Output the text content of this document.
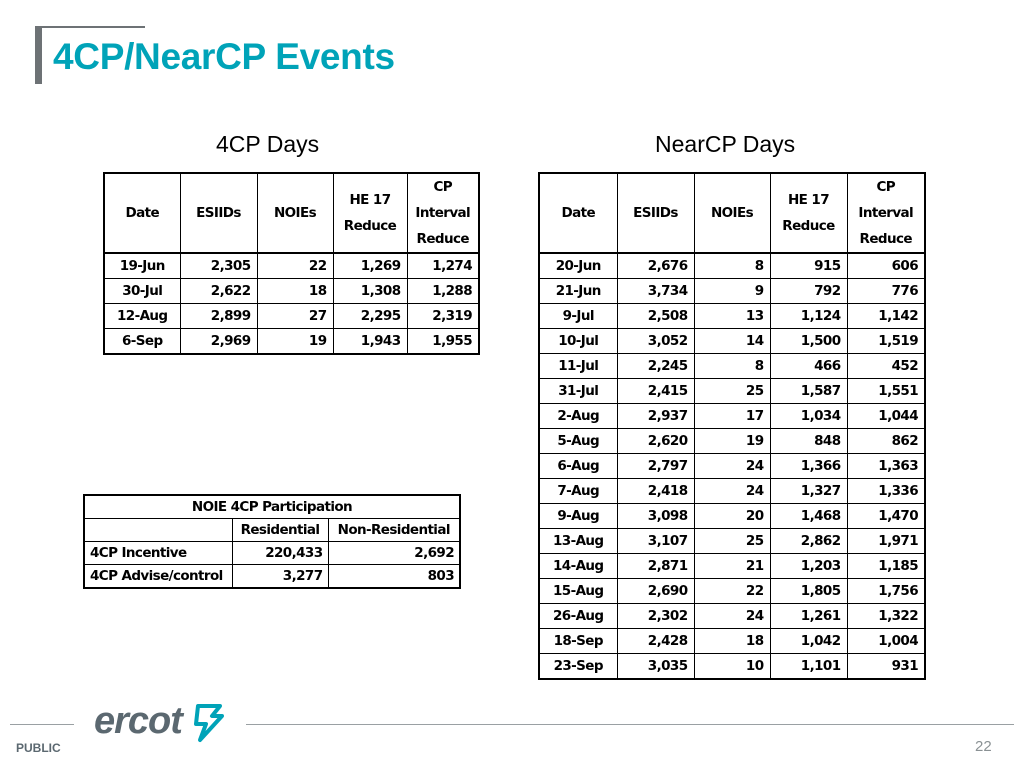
4CP/NearCP Events
4CP Days	NearCP Days
Date	ESIIDs	NOIEs	HE 17 Reduce	CP Interval Reduce
19-Jun	2,305	22	1,269	1,274
30-Jul	2,622	18	1,308	1,288
12-Aug	2,899	27	2,295	2,319
6-Sep	2,969	19	1,943	1,955
Date	ESIIDs	NOIEs	HE 17 Reduce	CP Interval Reduce
20-Jun	2,676	8	915	606
21-Jun	3,734	9	792	776
9-Jul	2,508	13	1,124	1,142
10-Jul	3,052	14	1,500	1,519
11-Jul	2,245	8	466	452
31-Jul	2,415	25	1,587	1,551
2-Aug	2,937	17	1,034	1,044
5-Aug	2,620	19	848	862
6-Aug	2,797	24	1,366	1,363
7-Aug	2,418	24	1,327	1,336
9-Aug	3,098	20	1,468	1,470
13-Aug	3,107	25	2,862	1,971
14-Aug	2,871	21	1,203	1,185
15-Aug	2,690	22	1,805	1,756
26-Aug	2,302	24	1,261	1,322
18-Sep	2,428	18	1,042	1,004
23-Sep	3,035	10	1,101	931
NOIE 4CP Participation		
	Residential	Non-Residential
4CP Incentive	220,433	2,692
4CP Advise/control	3,277	803
ercot
PUBLIC	22
